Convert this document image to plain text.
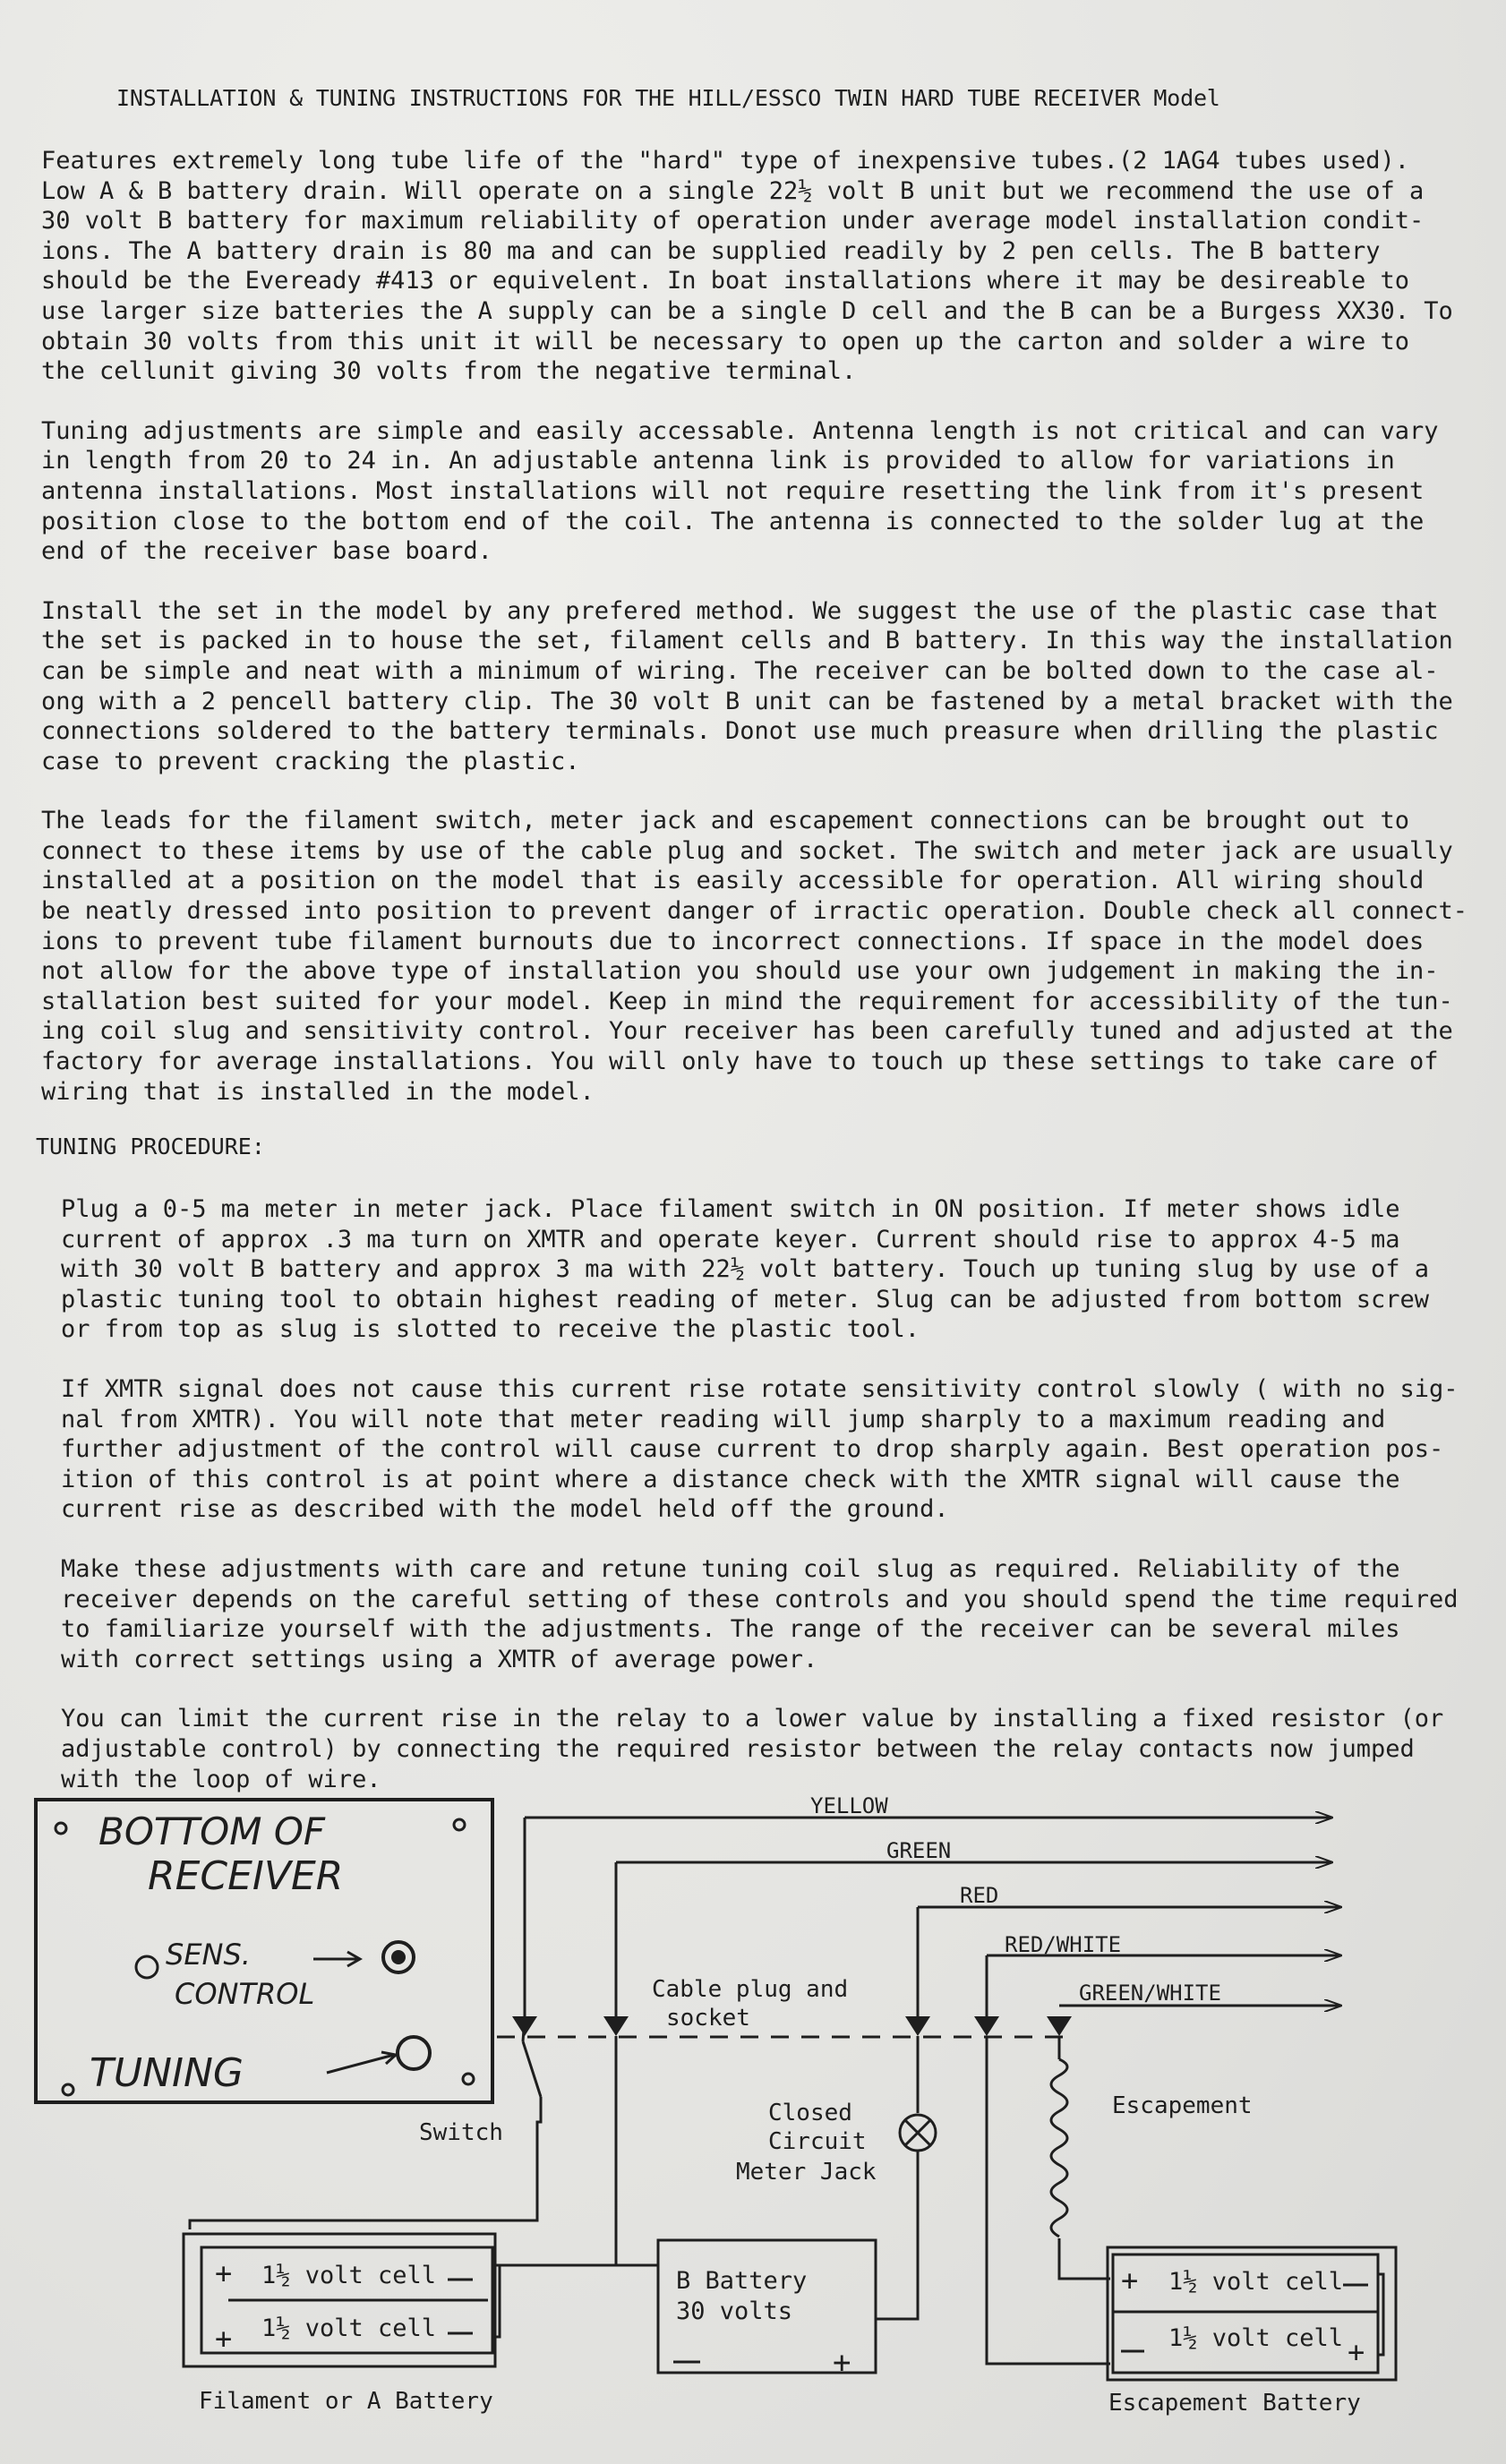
INSTALLATION & TUNING INSTRUCTIONS FOR THE HILL/ESSCO TWIN HARD TUBE RECEIVER Model

Features extremely long tube life of the "hard" type of inexpensive tubes.(2 1AG4 tubes used).
Low A & B battery drain. Will operate on a single 22½ volt B unit but we recommend the use of a
30 volt B battery for maximum reliability of operation under average model installation condit-
ions. The A battery drain is 80 ma and can be supplied readily by 2 pen cells. The B battery
should be the Eveready #413 or equivelent. In boat installations where it may be desireable to
use larger size batteries the A supply can be a single D cell and the B can be a Burgess XX30. To
obtain 30 volts from this unit it will be necessary to open up the carton and solder a wire to
the cellunit giving 30 volts from the negative terminal.

Tuning adjustments are simple and easily accessable. Antenna length is not critical and can vary
in length from 20 to 24 in. An adjustable antenna link is provided to allow for variations in
antenna installations. Most installations will not require resetting the link from it's present
position close to the bottom end of the coil. The antenna is connected to the solder lug at the
end of the receiver base board.

Install the set in the model by any prefered method. We suggest the use of the plastic case that
the set is packed in to house the set, filament cells and B battery. In this way the installation
can be simple and neat with a minimum of wiring. The receiver can be bolted down to the case al-
ong with a 2 pencell battery clip. The 30 volt B unit can be fastened by a metal bracket with the
connections soldered to the battery terminals. Donot use much preasure when drilling the plastic
case to prevent cracking the plastic.

The leads for the filament switch, meter jack and escapement connections can be brought out to
connect to these items by use of the cable plug and socket. The switch and meter jack are usually
installed at a position on the model that is easily accessible for operation. All wiring should
be neatly dressed into position to prevent danger of irractic operation. Double check all connect-
ions to prevent tube filament burnouts due to incorrect connections. If space in the model does
not allow for the above type of installation you should use your own judgement in making the in-
stallation best suited for your model. Keep in mind the requirement for accessibility of the tun-
ing coil slug and sensitivity control. Your receiver has been carefully tuned and adjusted at the
factory for average installations. You will only have to touch up these settings to take care of
wiring that is installed in the model.

TUNING PROCEDURE:

Plug a 0-5 ma meter in meter jack. Place filament switch in ON position. If meter shows idle
current of approx .3 ma turn on XMTR and operate keyer. Current should rise to approx 4-5 ma
with 30 volt B battery and approx 3 ma with 22½ volt battery. Touch up tuning slug by use of a
plastic tuning tool to obtain highest reading of meter. Slug can be adjusted from bottom screw
or from top as slug is slotted to receive the plastic tool.

If XMTR signal does not cause this current rise rotate sensitivity control slowly ( with no sig-
nal from XMTR). You will note that meter reading will jump sharply to a maximum reading and
further adjustment of the control will cause current to drop sharply again. Best operation pos-
ition of this control is at point where a distance check with the XMTR signal will cause the
current rise as described with the model held off the ground.

Make these adjustments with care and retune tuning coil slug as required. Reliability of the
receiver depends on the careful setting of these controls and you should spend the time required
to familiarize yourself with the adjustments. The range of the receiver can be several miles
with correct settings using a XMTR of average power.

You can limit the current rise in the relay to a lower value by installing a fixed resistor (or
adjustable control) by connecting the required resistor between the relay contacts now jumped
with the loop of wire.

BOTTOM OF
RECEIVER
SENS.
CONTROL
TUNING
YELLOW
GREEN
RED
RED/WHITE
GREEN/WHITE
Cable plug and
socket
Switch
Closed
Circuit
Meter Jack
Escapement
+ 1½ volt cell
+ 1½ volt cell
Filament or A Battery
B Battery
30 volts
+
+ 1½ volt cell
1½ volt cell +
Escapement Battery
